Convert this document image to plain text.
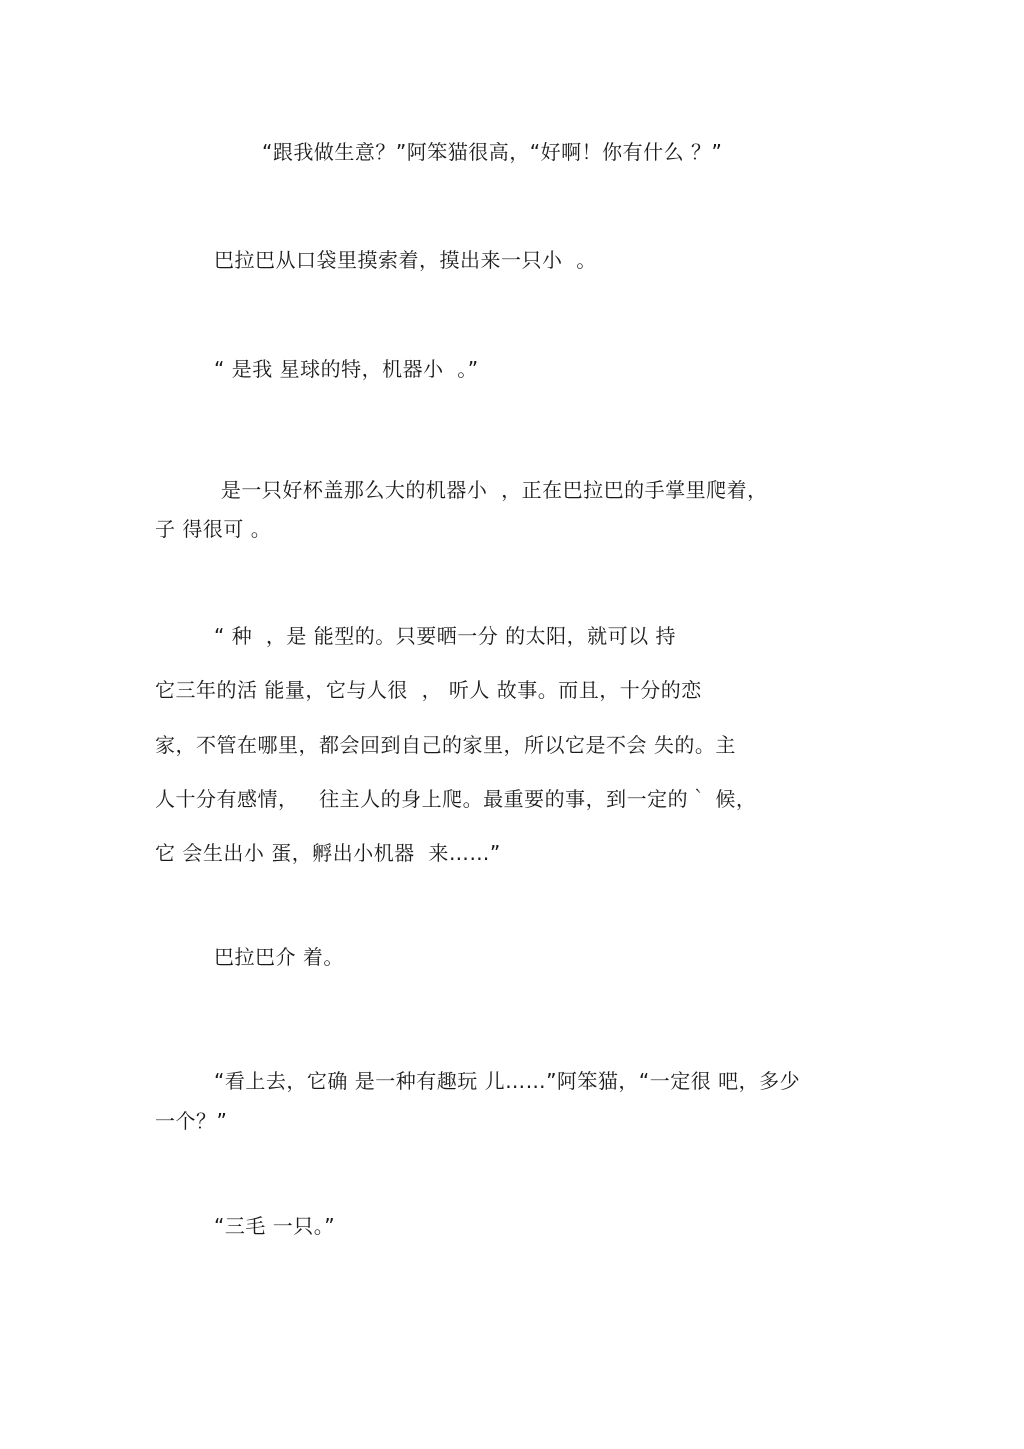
“跟我做生意？”阿笨猫很高，“好啊！你有什么 ？”
巴拉巴从口袋里摸索着，摸出来一只小  。
“ 是我 星球的特，机器小  。”
是一只好杯盖那么大的机器小  ，正在巴拉巴的手掌里爬着，
子 得很可 。
“ 种  ，是 能型的。只要晒一分 的太阳，就可以 持
它三年的活 能量，它与人很  ， 听人 故事。而且，十分的恋
家，不管在哪里，都会回到自己的家里，所以它是不会 失的。主
人十分有感情，   往主人的身上爬。最重要的事，到一定的｀ 候，
它 会生出小 蛋，孵出小机器  来……”
巴拉巴介 着。
“看上去，它确 是一种有趣玩 儿……”阿笨猫，“一定很 吧，多少
一个？”
“三毛 一只。”
